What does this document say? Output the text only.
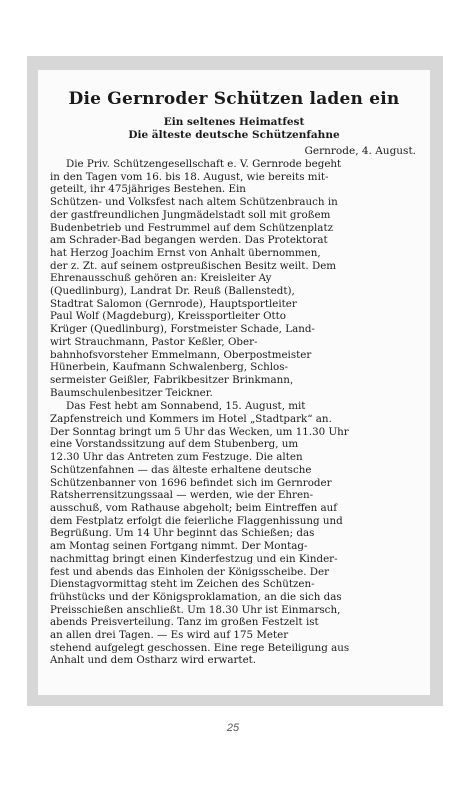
Die Gernroder Schützen laden ein

Ein seltenes Heimatfest

Die älteste deutsche Schützenfahne

Gernrode, 4. August.

Die Priv. Schützengesellschaft e. V. Gernrode begeht
in den Tagen vom 16. bis 18. August, wie bereits mit-
geteilt, ihr 475jähriges Bestehen. Ein
Schützen- und Volksfest nach altem Schützenbrauch in
der gastfreundlichen Jungmädelstadt soll mit großem
Budenbetrieb und Festrummel auf dem Schützenplatz
am Schrader-Bad begangen werden. Das Protektorat
hat Herzog Joachim Ernst von Anhalt übernommen,
der z. Zt. auf seinem ostpreußischen Besitz weilt. Dem
Ehrenausschuß gehören an: Kreisleiter Ay
(Quedlinburg), Landrat Dr. Reuß (Ballenstedt),
Stadtrat Salomon (Gernrode), Hauptsportleiter
Paul Wolf (Magdeburg), Kreissportleiter Otto
Krüger (Quedlinburg), Forstmeister Schade, Land-
wirt Strauchmann, Pastor Keßler, Ober-
bahnhofsvorsteher Emmelmann, Oberpostmeister
Hünerbein, Kaufmann Schwalenberg, Schlos-
sermeister Geißler, Fabrikbesitzer Brinkmann,
Baumschulenbesitzer Teickner.
Das Fest hebt am Sonnabend, 15. August, mit
Zapfenstreich und Kommers im Hotel „Stadtpark“ an.
Der Sonntag bringt um 5 Uhr das Wecken, um 11.30 Uhr
eine Vorstandssitzung auf dem Stubenberg, um
12.30 Uhr das Antreten zum Festzuge. Die alten
Schützenfahnen — das älteste erhaltene deutsche
Schützenbanner von 1696 befindet sich im Gernroder
Ratsherrensitzungssaal — werden, wie der Ehren-
ausschuß, vom Rathause abgeholt; beim Eintreffen auf
dem Festplatz erfolgt die feierliche Flaggenhissung und
Begrüßung. Um 14 Uhr beginnt das Schießen; das
am Montag seinen Fortgang nimmt. Der Montag-
nachmittag bringt einen Kinderfestzug und ein Kinder-
fest und abends das Einholen der Königsscheibe. Der
Dienstagvormittag steht im Zeichen des Schützen-
frühstücks und der Königsproklamation, an die sich das
Preisschießen anschließt. Um 18.30 Uhr ist Einmarsch,
abends Preisverteilung. Tanz im großen Festzelt ist
an allen drei Tagen. — Es wird auf 175 Meter
stehend aufgelegt geschossen. Eine rege Beteiligung aus
Anhalt und dem Ostharz wird erwartet.
25
